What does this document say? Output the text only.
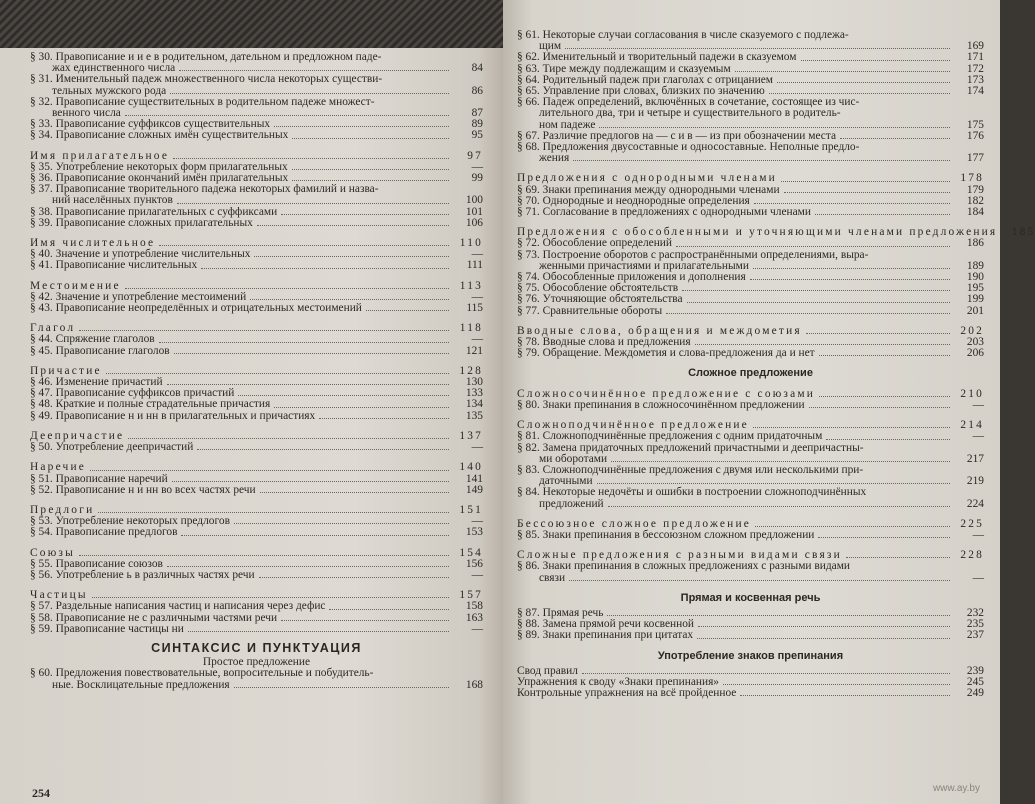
§ 30. Правописание и и е в родительном, дательном и предложном паде-
жах единственного числа	84
§ 31. Именительный падеж множественного числа некоторых существи-
тельных мужского рода	86
§ 32. Правописание существительных в родительном падеже множест-
венного числа	87
§ 33. Правописание суффиксов существительных	89
§ 34. Правописание сложных имён существительных	95
Имя прилагательное	97
§ 35. Употребление некоторых форм прилагательных	—
§ 36. Правописание окончаний имён прилагательных	99
§ 37. Правописание творительного падежа некоторых фамилий и назва-
ний населённых пунктов	100
§ 38. Правописание прилагательных с суффиксами	101
§ 39. Правописание сложных прилагательных	106
Имя числительное	110
§ 40. Значение и употребление числительных	—
§ 41. Правописание числительных	111
Местоимение	113
§ 42. Значение и употребление местоимений	—
§ 43. Правописание неопределённых и отрицательных местоимений	115
Глагол	118
§ 44. Спряжение глаголов	—
§ 45. Правописание глаголов	121
Причастие	128
§ 46. Изменение причастий	130
§ 47. Правописание суффиксов причастий	133
§ 48. Краткие и полные страдательные причастия	134
§ 49. Правописание н и нн в прилагательных и причастиях	135
Деепричастие	137
§ 50. Употребление деепричастий	—
Наречие	140
§ 51. Правописание наречий	141
§ 52. Правописание н и нн во всех частях речи	149
Предлоги	151
§ 53. Употребление некоторых предлогов	—
§ 54. Правописание предлогов	153
Союзы	154
§ 55. Правописание союзов	156
§ 56. Употребление ь в различных частях речи	—
Частицы	157
§ 57. Раздельные написания частиц и написания через дефис	158
§ 58. Правописание не с различными частями речи	163
§ 59. Правописание частицы ни	—
СИНТАКСИС И ПУНКТУАЦИЯ
Простое предложение
§ 60. Предложения повествовательные, вопросительные и побудитель-
ные. Восклицательные предложения	168
254
§ 61. Некоторые случаи согласования в числе сказуемого с подлежа-
щим	169
§ 62. Именительный и творительный падежи в сказуемом	171
§ 63. Тире между подлежащим и сказуемым	172
§ 64. Родительный падеж при глаголах с отрицанием	173
§ 65. Управление при словах, близких по значению	174
§ 66. Падеж определений, включённых в сочетание, состоящее из чис-
лительного два, три и четыре и существительного в родитель-
ном падеже	175
§ 67. Различие предлогов на — с и в — из при обозначении места	176
§ 68. Предложения двусоставные и односоставные. Неполные предло-
жения	177
Предложения с однородными членами	178
§ 69. Знаки препинания между однородными членами	179
§ 70. Однородные и неоднородные определения	182
§ 71. Согласование в предложениях с однородными членами	184
Предложения с обособленными и уточняющими членами предложения	185
§ 72. Обособление определений	186
§ 73. Построение оборотов с распространёнными определениями, выра-
женными причастиями и прилагательными	189
§ 74. Обособленные приложения и дополнения	190
§ 75. Обособление обстоятельств	195
§ 76. Уточняющие обстоятельства	199
§ 77. Сравнительные обороты	201
Вводные слова, обращения и междометия	202
§ 78. Вводные слова и предложения	203
§ 79. Обращение. Междометия и слова-предложения да и нет	206
Сложное предложение
Сложносочинённое предложение с союзами	210
§ 80. Знаки препинания в сложносочинённом предложении	—
Сложноподчинённое предложение	214
§ 81. Сложноподчинённые предложения с одним придаточным	—
§ 82. Замена придаточных предложений причастными и деепричастны-
ми оборотами	217
§ 83. Сложноподчинённые предложения с двумя или несколькими при-
даточными	219
§ 84. Некоторые недочёты и ошибки в построении сложноподчинённых
предложений	224
Бессоюзное сложное предложение	225
§ 85. Знаки препинания в бессоюзном сложном предложении	—
Сложные предложения с разными видами связи	228
§ 86. Знаки препинания в сложных предложениях с разными видами
связи	—
Прямая и косвенная речь
§ 87. Прямая речь	232
§ 88. Замена прямой речи косвенной	235
§ 89. Знаки препинания при цитатах	237
Употребление знаков препинания
Свод правил	239
Упражнения к своду «Знаки препинания»	245
Контрольные упражнения на всё пройденное	249
www.ay.by
